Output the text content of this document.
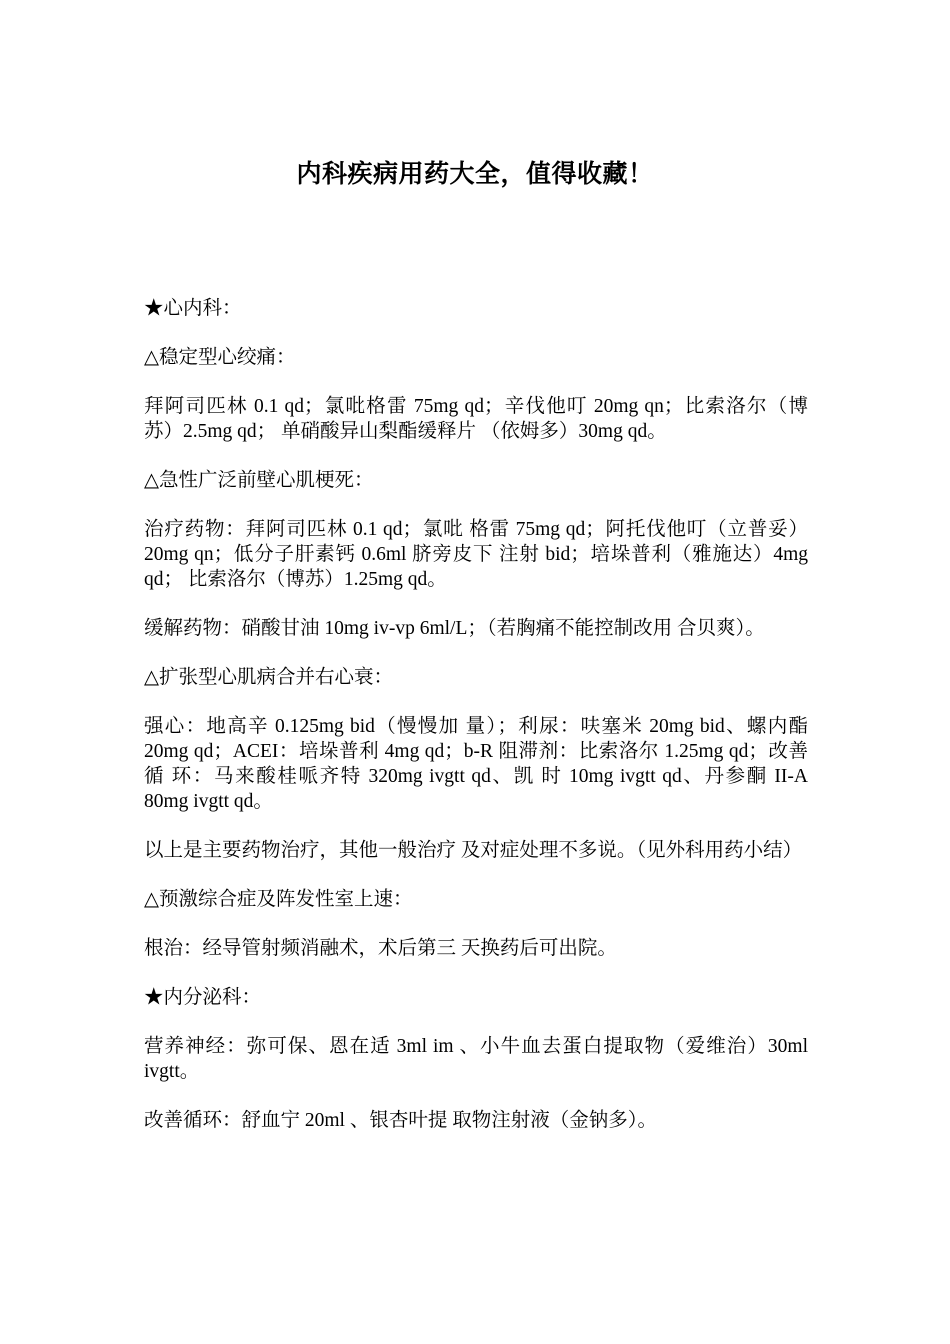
内科疾病用药大全，值得收藏！

★心内科：

△稳定型心绞痛：

拜阿司匹林 0.1 qd；氯吡格雷 75mg qd；辛伐他叮 20mg qn；比索洛尔（博 苏）2.5mg qd； 单硝酸异山梨酯缓释片 （依姆多）30mg qd。

△急性广泛前壁心肌梗死：

治疗药物：拜阿司匹林 0.1 qd；氯吡 格雷 75mg qd；阿托伐他叮（立普妥）20mg qn；低分子肝素钙 0.6ml 脐旁皮下 注射 bid；培垛普利（雅施达）4mg qd； 比索洛尔（博苏）1.25mg qd。

缓解药物：硝酸甘油 10mg iv-vp 6ml/L；（若胸痛不能控制改用 合贝爽）。

△扩张型心肌病合并右心衰：

强心：地高辛 0.125mg bid（慢慢加 量）；利尿：呋塞米 20mg bid、螺内酯 20mg qd；ACEI：培垛普利 4mg qd；b-R 阻滞剂：比索洛尔 1.25mg qd；改善循 环：马来酸桂哌齐特 320mg ivgtt qd、凯 时 10mg ivgtt qd、丹参酮 II-A 80mg ivgtt qd。

以上是主要药物治疗，其他一般治疗 及对症处理不多说。（见外科用药小结）

△预激综合症及阵发性室上速：

根治：经导管射频消融术，术后第三 天换药后可出院。

★内分泌科：

营养神经：弥可保、恩在适 3ml im 、小牛血去蛋白提取物（爱维治）30ml ivgtt。

改善循环：舒血宁 20ml 、银杏叶提 取物注射液（金钠多）。
